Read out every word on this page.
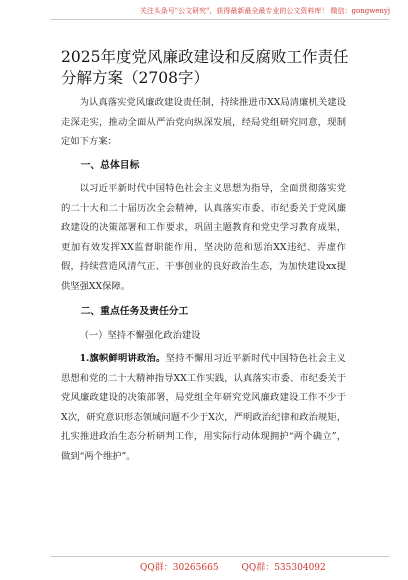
关注头条号"公文研究"，获得最新最全最专业的公文资料库！ 微信：gongwenyj
2025年度党风廉政建设和反腐败工作责任分解方案（2708字）

为认真落实党风廉政建设责任制，持续推进市XX局清廉机关建设走深走实，推动全面从严治党向纵深发展，经局党组研究同意，现制定如下方案：

一、总体目标

以习近平新时代中国特色社会主义思想为指导，全面贯彻落实党的二十大和二十届历次全会精神，认真落实市委、市纪委关于党风廉政建设的决策部署和工作要求，巩固主题教育和党史学习教育成果，更加有效发挥XX监督职能作用，坚决防范和惩治XX违纪、弄虚作假，持续营造风清气正、干事创业的良好政治生态，为加快建设xx提供坚强XX保障。

二、重点任务及责任分工

（一）坚持不懈强化政治建设

1.旗帜鲜明讲政治。坚持不懈用习近平新时代中国特色社会主义思想和党的二十大精神指导XX工作实践，认真落实市委、市纪委关于党风廉政建设的决策部署，局党组全年研究党风廉政建设工作不少于X次，研究意识形态领域问题不少于X次，严明政治纪律和政治规矩，扎实推进政治生态分析研判工作，用实际行动体现拥护“两个确立”，做到“两个维护”。

QQ群：30265665	QQ群：535304092
